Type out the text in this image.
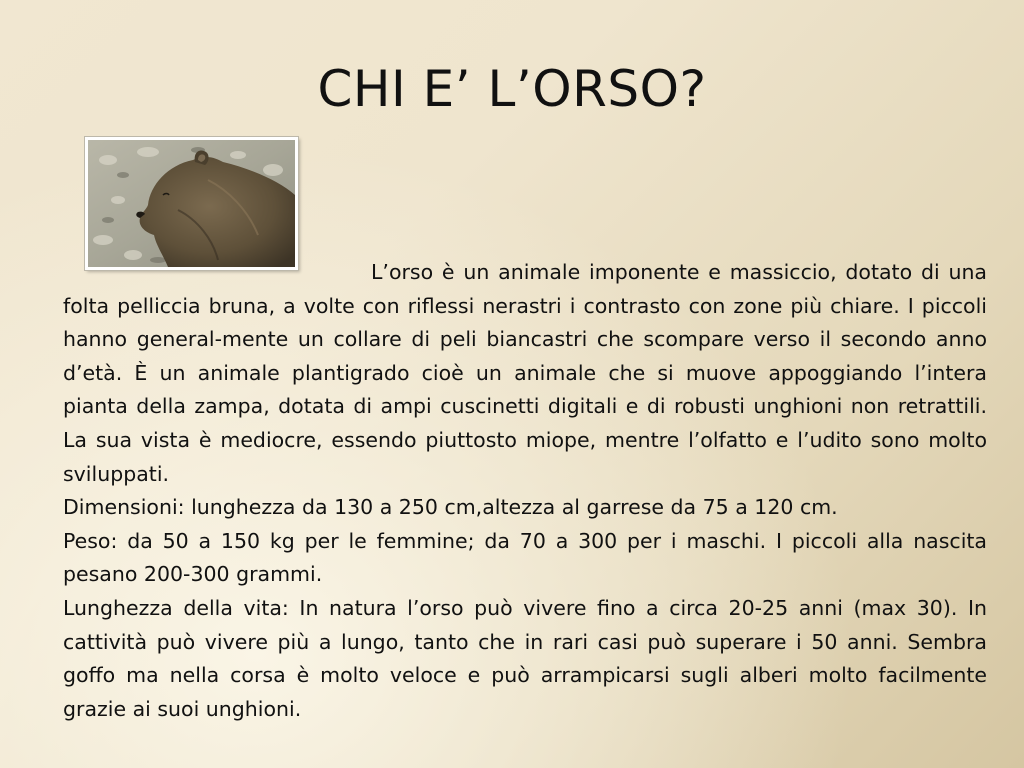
CHI E’ L’ORSO?

L’orso è un animale imponente e massiccio, dotato di una folta pelliccia bruna, a volte con riflessi nerastri i contrasto con zone più chiare. I piccoli hanno general-mente un collare di peli biancastri che scompare verso il secondo anno d’età. È un animale plantigrado cioè un animale che si muove appoggiando l’intera pianta della zampa, dotata di ampi cuscinetti digitali e di robusti unghioni non retrattili. La sua vista è mediocre, essendo piuttosto miope, mentre l’olfatto e l’udito sono molto sviluppati.

Dimensioni: lunghezza da 130 a 250 cm,altezza al garrese da 75 a 120 cm.

Peso: da 50 a 150 kg per le femmine; da 70 a 300 per i maschi. I piccoli alla nascita pesano 200-300 grammi.

Lunghezza della vita: In natura l’orso può vivere fino a circa 20-25 anni (max 30). In cattività può vivere più a lungo, tanto che in rari casi può superare i 50 anni. Sembra goffo ma nella corsa è molto veloce e può arrampicarsi sugli alberi molto facilmente grazie ai suoi unghioni.
